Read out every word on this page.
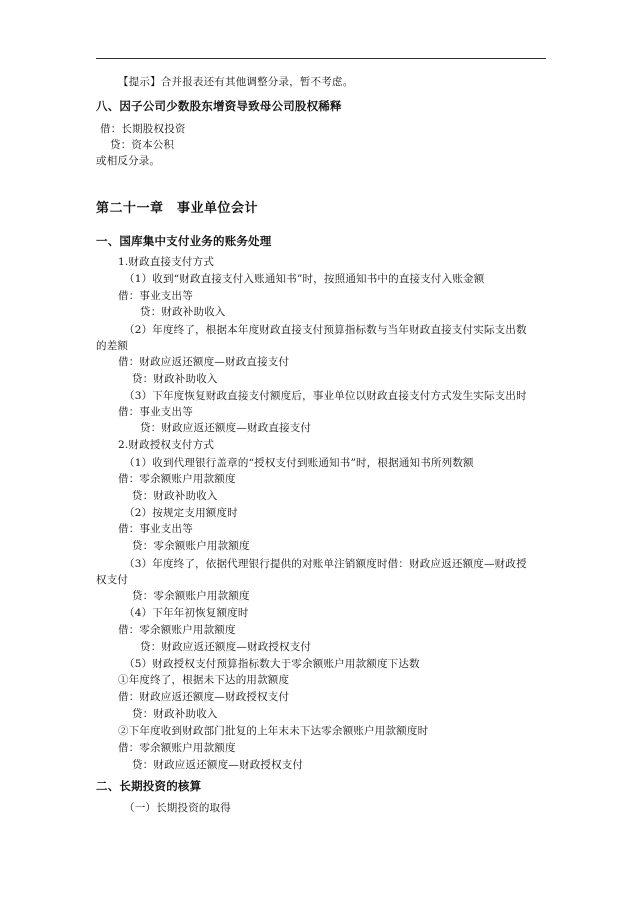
【提示】合并报表还有其他调整分录，暂不考虑。
八、因子公司少数股东增资导致母公司股权稀释
借：长期股权投资
贷：资本公积
或相反分录。
第二十一章　事业单位会计
一、国库集中支付业务的账务处理
1.财政直接支付方式
（1）收到“财政直接支付入账通知书”时，按照通知书中的直接支付入账金额
借：事业支出等
贷：财政补助收入
（2）年度终了，根据本年度财政直接支付预算指标数与当年财政直接支付实际支出数
的差额
借：财政应返还额度—财政直接支付
贷：财政补助收入
（3）下年度恢复财政直接支付额度后，事业单位以财政直接支付方式发生实际支出时
借：事业支出等
贷：财政应返还额度—财政直接支付
2.财政授权支付方式
（1）收到代理银行盖章的“授权支付到账通知书”时，根据通知书所列数额
借：零余额账户用款额度
贷：财政补助收入
（2）按规定支用额度时
借：事业支出等
贷：零余额账户用款额度
（3）年度终了，依据代理银行提供的对账单注销额度时借：财政应返还额度—财政授
权支付
贷：零余额账户用款额度
（4）下年年初恢复额度时
借：零余额账户用款额度
贷：财政应返还额度—财政授权支付
（5）财政授权支付预算指标数大于零余额账户用款额度下达数
①年度终了，根据未下达的用款额度
借：财政应返还额度—财政授权支付
贷：财政补助收入
②下年度收到财政部门批复的上年末未下达零余额账户用款额度时
借：零余额账户用款额度
贷：财政应返还额度—财政授权支付
二、长期投资的核算
（一）长期投资的取得
